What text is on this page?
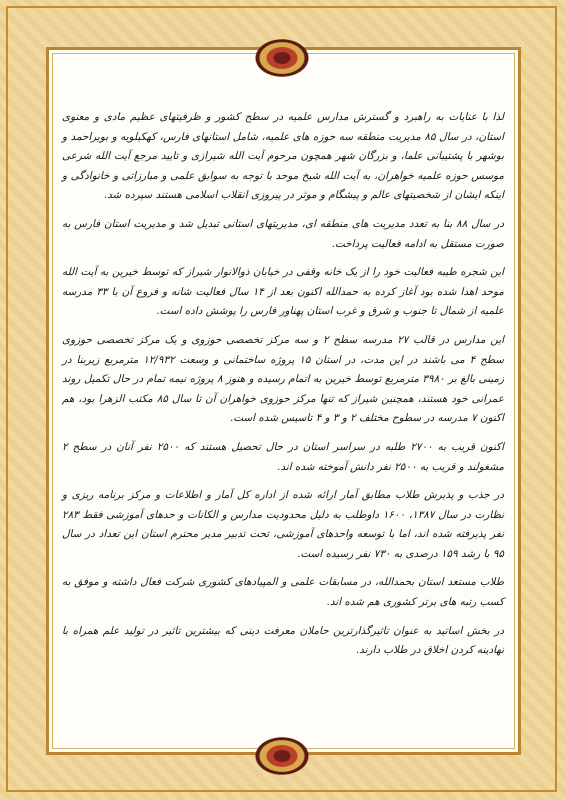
لذا با عنایات به راهبرد و گسترش مدارس علمیه در سطح کشور و ظرفیتهای عظیم مادی و معنوی استان، در سال ۸۵ مدیریت منطقه سه حوزه های علمیه، شامل استانهای فارس، کهکیلویه و بویراحمد و بوشهر با پشتیبانی علما، و بزرگان شهر همچون مرحوم آیت الله شیرازی و تایید مرجع آیت الله شرعی موسس حوزه علمیه خواهران، به آیت الله شیخ موحد با توجه به سوابق علمی و مبارزاتی و خانوادگی و اینکه ایشان از شخصیتهای عالم و پیشگام و موثر در پیروزی انقلاب اسلامی هستند سپرده شد.

در سال ۸۸ بنا به تعدد مدیریت های منطقه ای، مدیریتهای استانی تبدیل شد و مدیریت استان فارس به صورت مستقل به ادامه فعالیت پرداخت.

این شجره طیبه فعالیت خود را از یک خانه وقفی در خیابان ذوالانوار شیراز که توسط خیرین به آیت الله موحد اهدا شده بود آغاز کرده به حمدالله اکنون بعد از ۱۴ سال فعالیت شانه و فروع آن با ۳۳ مدرسه علمیه از شمال تا جنوب و شرق و غرب استان پهناور فارس را پوشش داده است.

این مدارس در قالب ۲۷ مدرسه سطح ۲ و سه مرکز تخصصی حوزوی و یک مرکز تخصصی حوزوی سطح ۴ می باشند در این مدت، در استان ۱۵ پروژه ساختمانی و وسعت ۱۲/۹۳۲ مترمربع زیربنا در زمینی بالغ بر ۳۹۸۰ مترمربع توسط خیرین به اتمام رسیده و هنوز ۸ پروژه نیمه تمام در حال تکمیل روند عمرانی خود هستند، همچنین شیراز که تنها مرکز حوزوی خواهران آن تا سال ۸۵ مکتب الزهرا بود، هم اکنون ۷ مدرسه در سطوح مختلف ۲ و ۳ و ۴ تاسیس شده است.

اکنون قریب به ۲۷۰۰ طلبه در سراسر استان در حال تحصیل هستند که ۲۵۰۰ نفر آنان در سطح ۲ مشغولند و قریب به ۲۵۰۰ نفر دانش آموخته شده اند.

در جذب و پذیرش طلاب مطابق آمار ارائه شده از اداره کل آمار و اطلاعات و مرکز برنامه ریزی و نظارت در سال ۱۳۸۷، ۱۶۰۰ داوطلب به دلیل محدودیت مدارس و الکانات و حدهای آموزشی فقط ۲۸۳ نفر پذیرفته شده اند، اما با توسعه واحدهای آموزشی، تحت تدبیر مدیر محترم استان این تعداد در سال ۹۵ با رشد ۱۵۹ درصدی به ۷۳۰ نفر رسیده است.

طلاب مستعد استان بحمدالله، در مسابقات علمی و المپیادهای کشوری شرکت فعال داشته و موفق به کسب رتبه های برتر کشوری هم شده اند.

در بخش اساتید به عنوان تاثیرگذارترین حاملان معرفت دینی که بیشترین تاثیر در تولید علم همراه با نهادینه کردن اخلاق در طلاب دارند.
